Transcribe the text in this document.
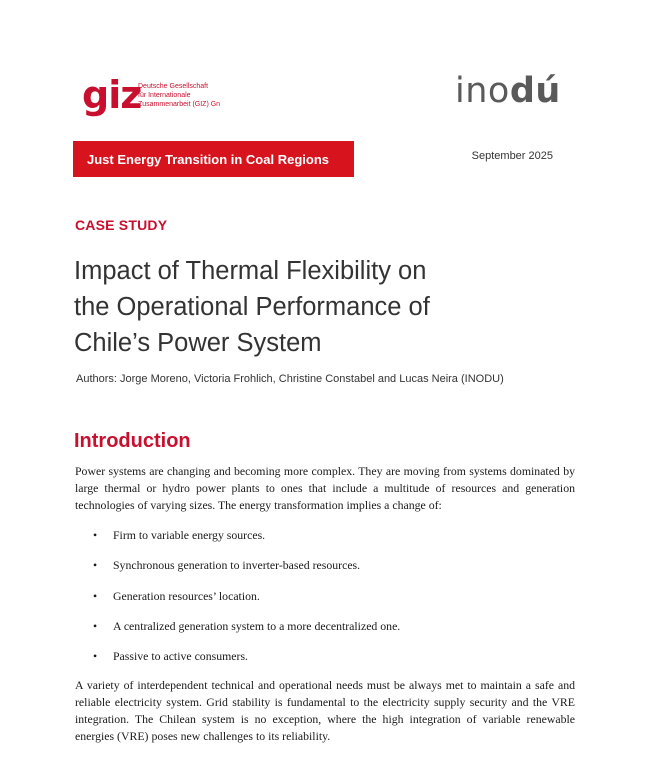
giz
Deutsche Gesellschaft
für Internationale
Zusammenarbeit (GIZ) Gn	inodú
Just Energy Transition in Coal Regions	September 2025
CASE STUDY
Impact of Thermal Flexibility on
the Operational Performance of
Chile’s Power System
Authors: Jorge Moreno, Victoria Frohlich, Christine Constabel and Lucas Neira (INODU)
Introduction

Power systems are changing and becoming more complex. They are moving from systems dominated by large thermal or hydro power plants to ones that include a multitude of resources and generation technologies of varying sizes. The energy transformation implies a change of:

•	Firm to variable energy sources.
•	Synchronous generation to inverter-based resources.
•	Generation resources’ location.
•	A centralized generation system to a more decentralized one.
•	Passive to active consumers.

A variety of interdependent technical and operational needs must be always met to maintain a safe and reliable electricity system. Grid stability is fundamental to the electricity supply security and the VRE integration. The Chilean system is no exception, where the high integration of variable renewable energies (VRE) poses new challenges to its reliability.
